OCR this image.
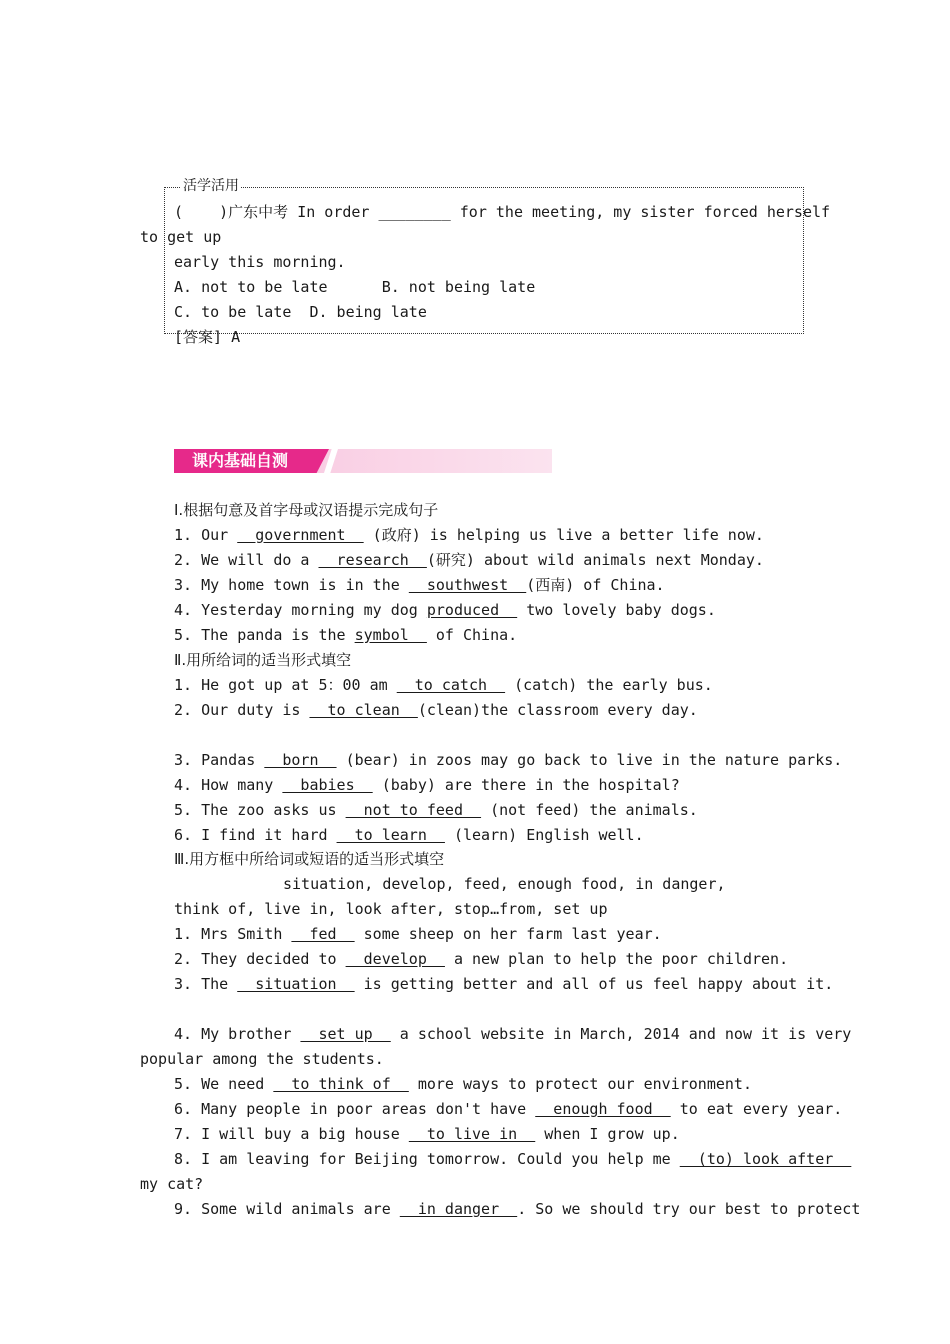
活学活用
(    )广东中考 In order ________ for the meeting, my sister forced herself
to get up
early this morning.
A. not to be late      B. not being late
C. to be late  D. being late
[答案] A
课内基础自测
Ⅰ.根据句意及首字母或汉语提示完成句子
1. Our   government   (政府) is helping us live a better life now.
2. We will do a   research  (研究) about wild animals next Monday.
3. My home town is in the   southwest  (西南) of China.
4. Yesterday morning my dog produced   two lovely baby dogs.
5. The panda is the symbol   of China.
Ⅱ.用所给词的适当形式填空
1. He got up at 5：00 am   to catch   (catch) the early bus.
2. Our duty is   to clean  (clean)the classroom every day.
3. Pandas   born   (bear) in zoos may go back to live in the nature parks.
4. How many   babies   (baby) are there in the hospital?
5. The zoo asks us   not to feed   (not feed) the animals.
6. I find it hard   to learn   (learn) English well.
Ⅲ.用方框中所给词或短语的适当形式填空
situation, develop, feed, enough food, in danger,
think of, live in, look after, stop…from, set up
1. Mrs Smith   fed   some sheep on her farm last year.
2. They decided to   develop   a new plan to help the poor children.
3. The   situation   is getting better and all of us feel happy about it.
4. My brother   set up   a school website in March, 2014 and now it is very
popular among the students.
5. We need   to think of   more ways to protect our environment.
6. Many people in poor areas don't have   enough food   to eat every year.
7. I will buy a big house   to live in   when I grow up.
8. I am leaving for Beijing tomorrow. Could you help me   (to) look after
my cat?
9. Some wild animals are   in danger  . So we should try our best to protect
